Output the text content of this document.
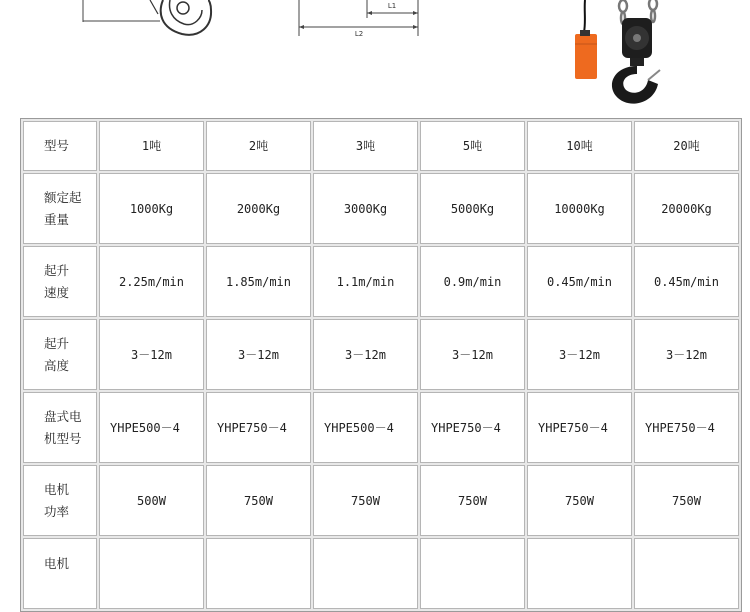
L1
L2
型号	1吨	2吨	3吨	5吨	10吨	20吨

额定起重量	1000Kg	2000Kg	3000Kg	5000Kg	10000Kg	20000Kg

起升速度	2.25m/min	1.85m/min	1.1m/min	0.9m/min	0.45m/min	0.45m/min

起升高度	3－12m	3－12m	3－12m	3－12m	3－12m	3－12m

盘式电机型号	YHPE500－4	YHPE750－4	YHPE500－4	YHPE750－4	YHPE750－4	YHPE750－4

电机功率	500W	750W	750W	750W	750W	750W
电机						
